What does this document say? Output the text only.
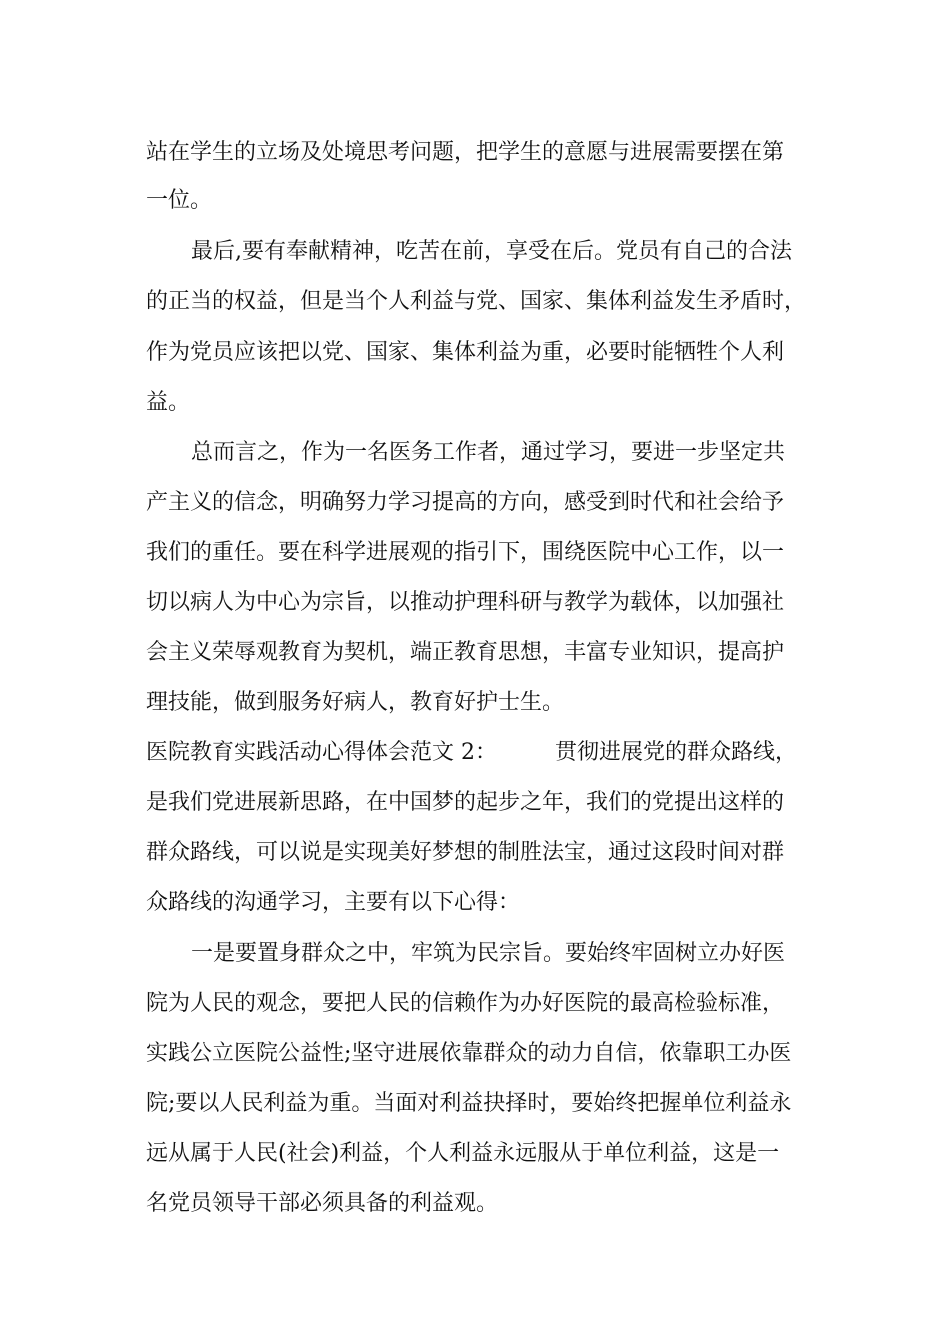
站在学生的立场及处境思考问题，把学生的意愿与进展需要摆在第
一位。
最后,要有奉献精神，吃苦在前，享受在后。党员有自己的合法
的正当的权益，但是当个人利益与党、国家、集体利益发生矛盾时，
作为党员应该把以党、国家、集体利益为重，必要时能牺牲个人利
益。
总而言之，作为一名医务工作者，通过学习，要进一步坚定共
产主义的信念，明确努力学习提高的方向，感受到时代和社会给予
我们的重任。要在科学进展观的指引下，围绕医院中心工作，以一
切以病人为中心为宗旨，以推动护理科研与教学为载体，以加强社
会主义荣辱观教育为契机，端正教育思想，丰富专业知识，提高护
理技能，做到服务好病人，教育好护士生。
医院教育实践活动心得体会范文 2：	贯彻进展党的群众路线，
是我们党进展新思路，在中国梦的起步之年，我们的党提出这样的
群众路线，可以说是实现美好梦想的制胜法宝，通过这段时间对群
众路线的沟通学习，主要有以下心得：
一是要置身群众之中，牢筑为民宗旨。要始终牢固树立办好医
院为人民的观念，要把人民的信赖作为办好医院的最高检验标准，
实践公立医院公益性;坚守进展依靠群众的动力自信，依靠职工办医
院;要以人民利益为重。当面对利益抉择时，要始终把握单位利益永
远从属于人民(社会)利益，个人利益永远服从于单位利益，这是一
名党员领导干部必须具备的利益观。
